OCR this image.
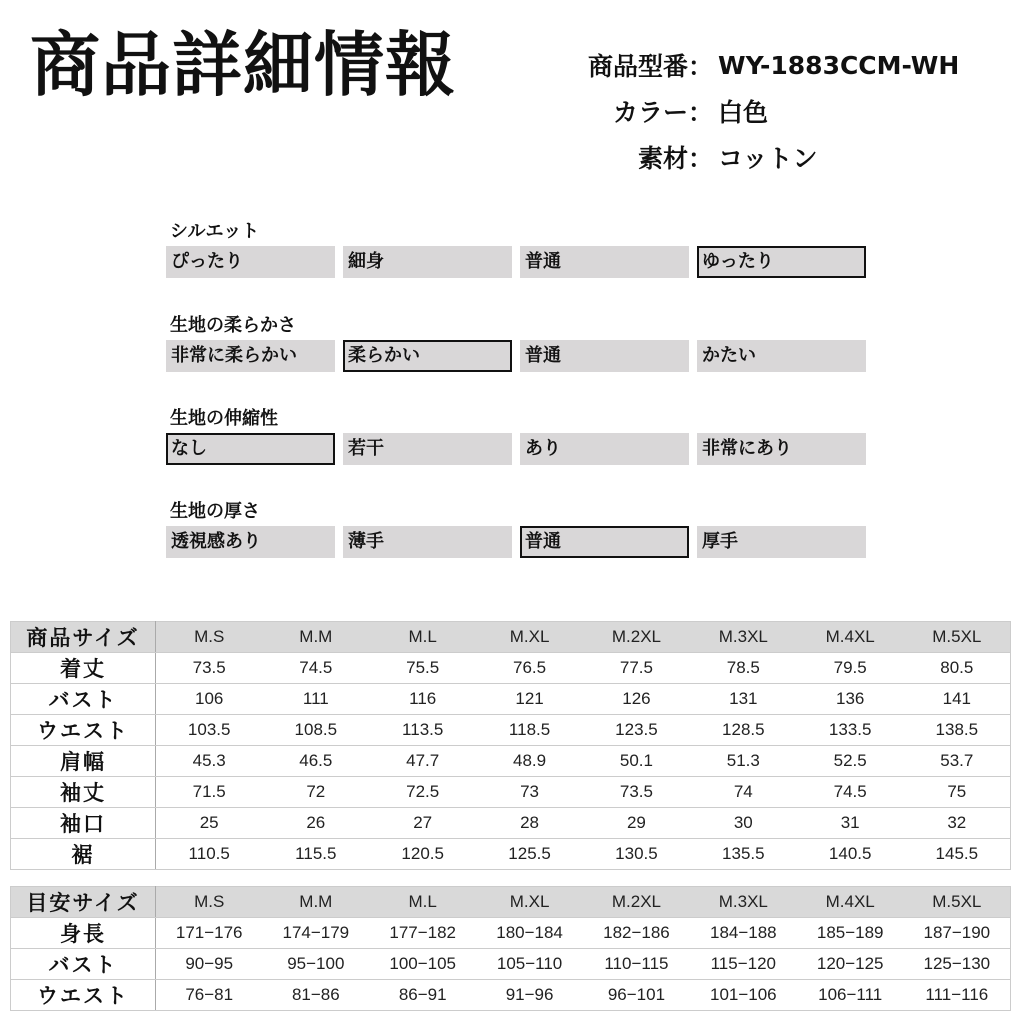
商品詳細情報	商品型番 ： WY-1883CCM-WH
カラー ： 白色
素材 ： コットン
シルエット
ぴったり	細身	普通	ゆったり
生地の柔らかさ
非常に柔らかい	柔らかい	普通	かたい
生地の伸縮性
なし	若干	あり	非常にあり
生地の厚さ
透視感あり	薄手	普通	厚手
商品サイズ	M.S	M.M	M.L	M.XL	M.2XL	M.3XL	M.4XL	M.5XL
着丈	73.5	74.5	75.5	76.5	77.5	78.5	79.5	80.5
バスト	106	111	116	121	126	131	136	141
ウエスト	103.5	108.5	113.5	118.5	123.5	128.5	133.5	138.5
肩幅	45.3	46.5	47.7	48.9	50.1	51.3	52.5	53.7
袖丈	71.5	72	72.5	73	73.5	74	74.5	75
袖口	25	26	27	28	29	30	31	32
裾	110.5	115.5	120.5	125.5	130.5	135.5	140.5	145.5
目安サイズ	M.S	M.M	M.L	M.XL	M.2XL	M.3XL	M.4XL	M.5XL
身長	171−176	174−179	177−182	180−184	182−186	184−188	185−189	187−190
バスト	90−95	95−100	100−105	105−110	110−115	115−120	120−125	125−130
ウエスト	76−81	81−86	86−91	91−96	96−101	101−106	106−111	111−116
